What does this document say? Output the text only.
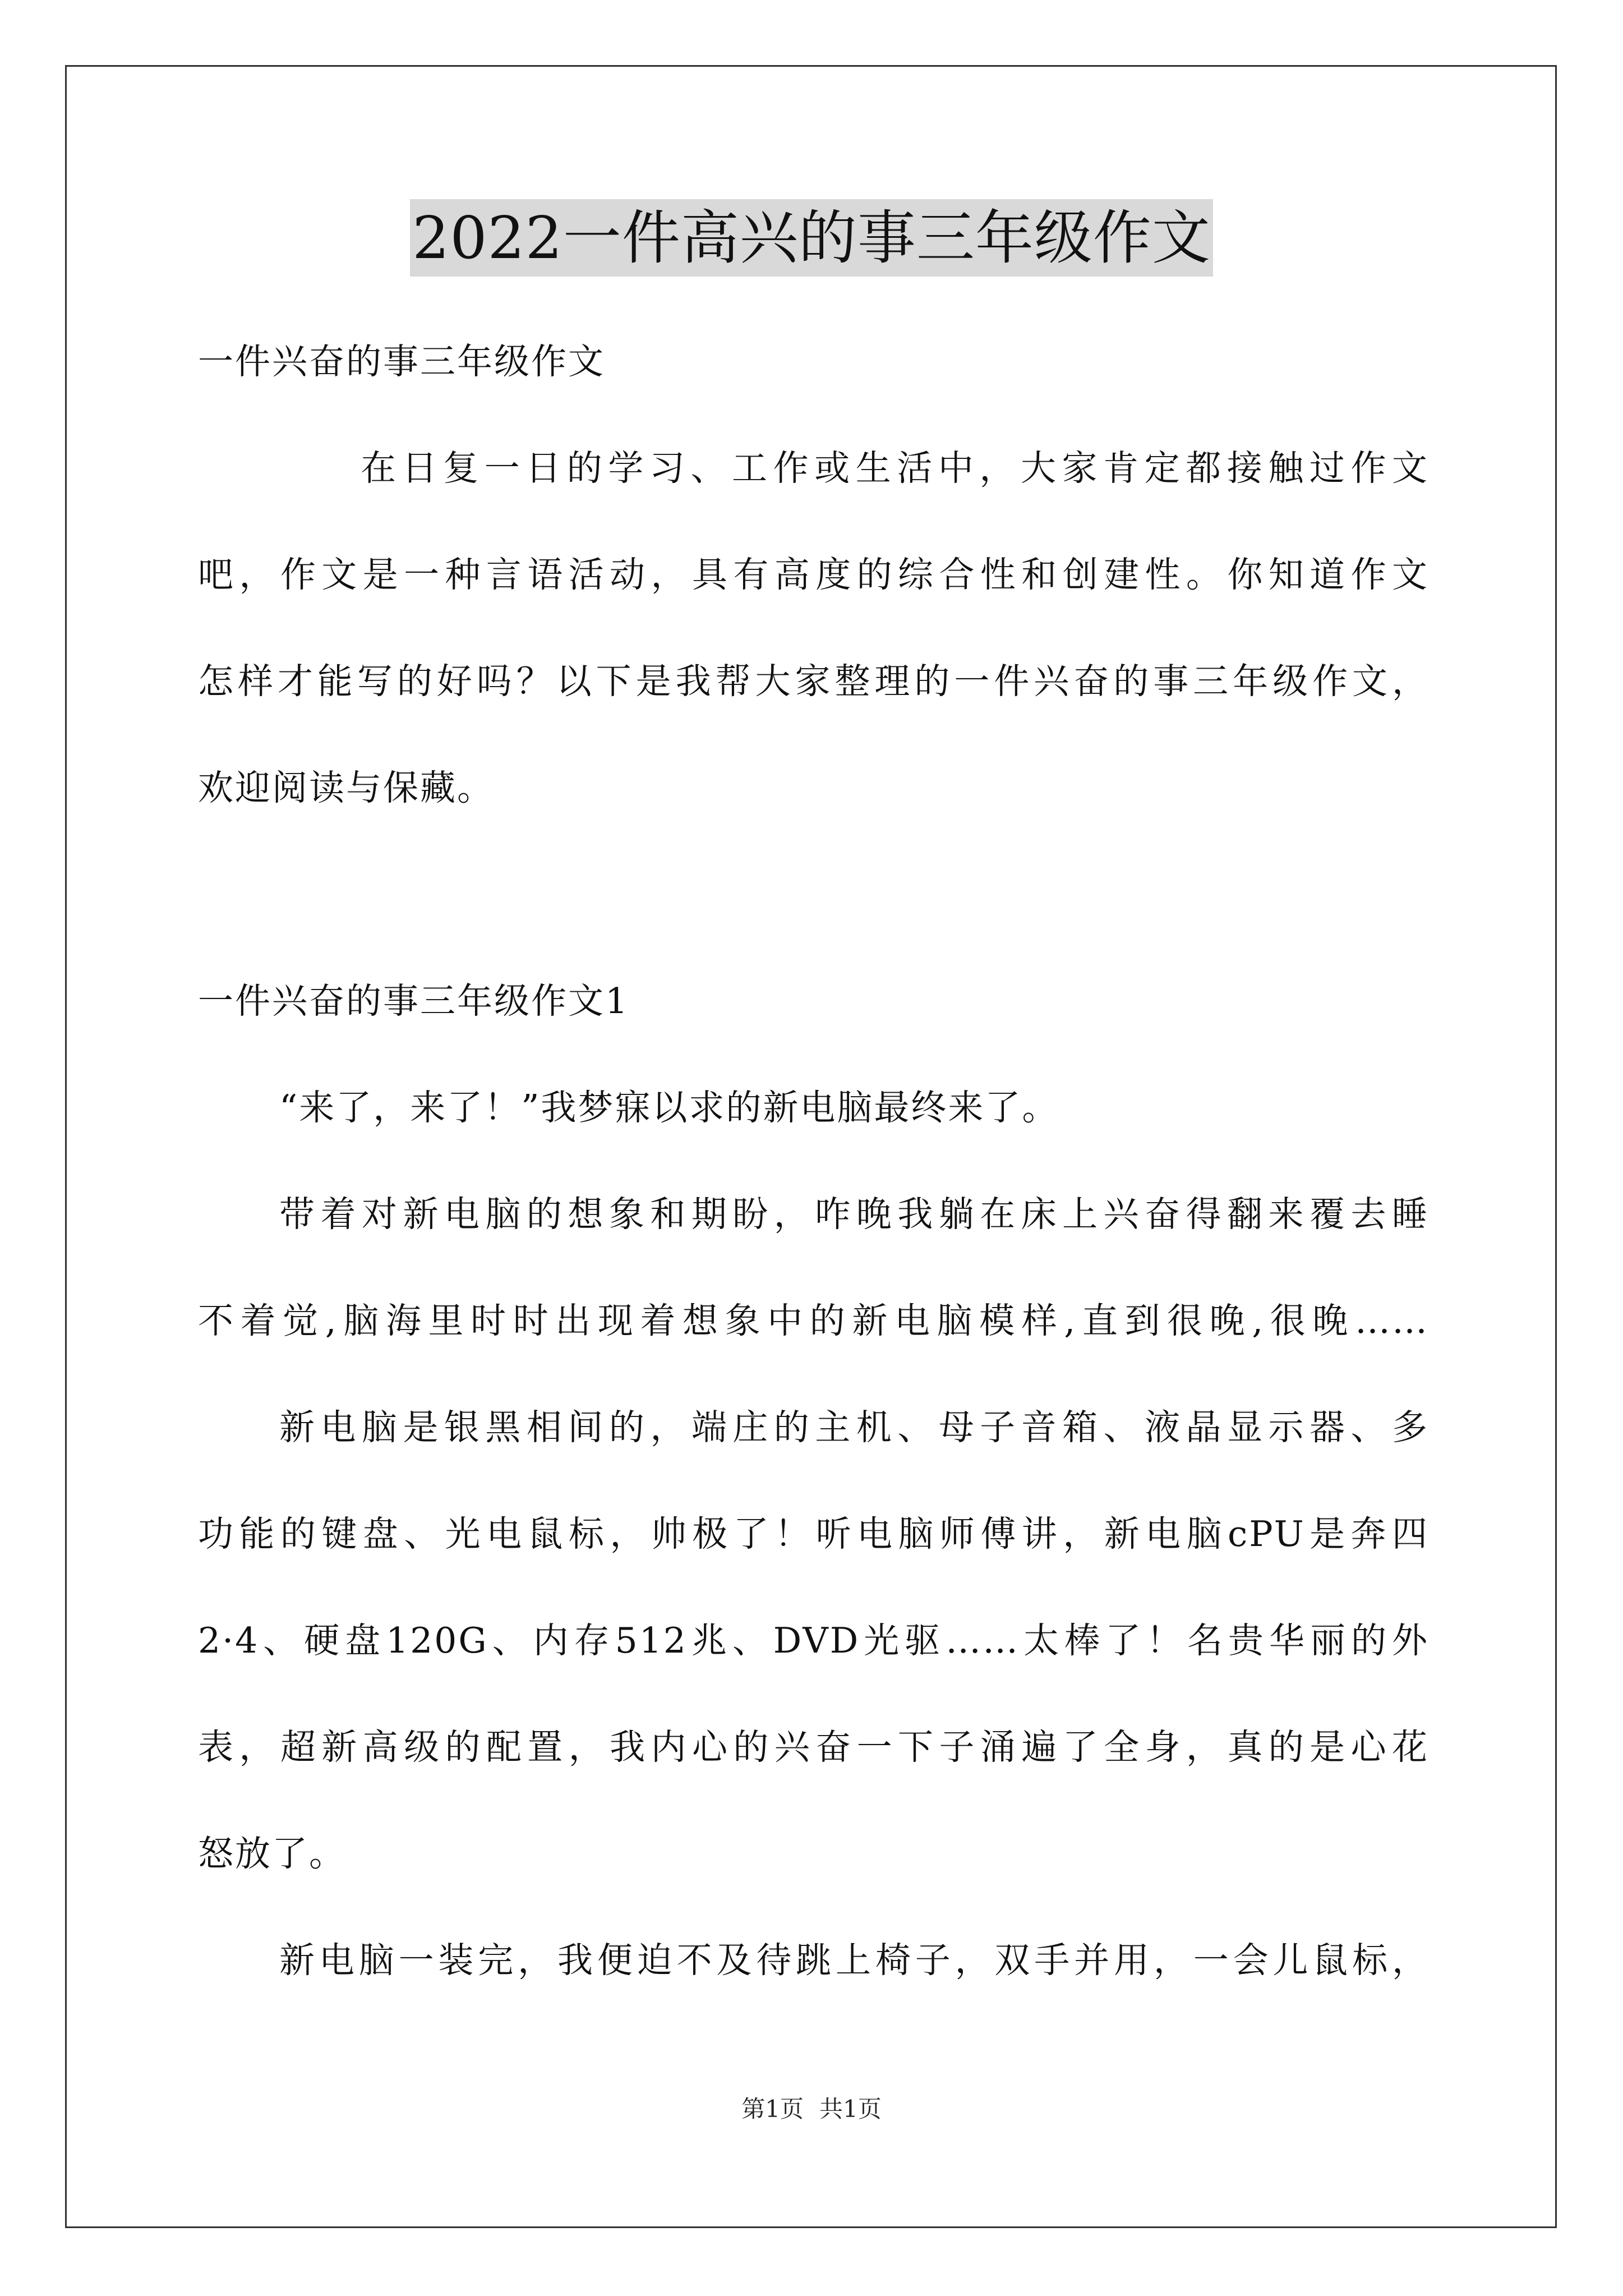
2022一件高兴的事三年级作文
一件兴奋的事三年级作文
在日复一日的学习、工作或生活中，大家肯定都接触过作文
吧，作文是一种言语活动，具有高度的综合性和创建性。你知道作文
怎样才能写的好吗？以下是我帮大家整理的一件兴奋的事三年级作文，
欢迎阅读与保藏。
一件兴奋的事三年级作文1
“来了，来了！”我梦寐以求的新电脑最终来了。
带着对新电脑的想象和期盼，咋晚我躺在床上兴奋得翻来覆去睡
不着觉,脑海里时时出现着想象中的新电脑模样,直到很晚,很晚……
新电脑是银黑相间的，端庄的主机、母子音箱、液晶显示器、多
功能的键盘、光电鼠标，帅极了！听电脑师傅讲，新电脑cPU是奔四
2·4、硬盘120G、内存512兆、DVD光驱……太棒了！名贵华丽的外
表，超新高级的配置，我内心的兴奋一下子涌遍了全身，真的是心花
怒放了。
新电脑一装完，我便迫不及待跳上椅子，双手并用，一会儿鼠标，
第1页 共1页
